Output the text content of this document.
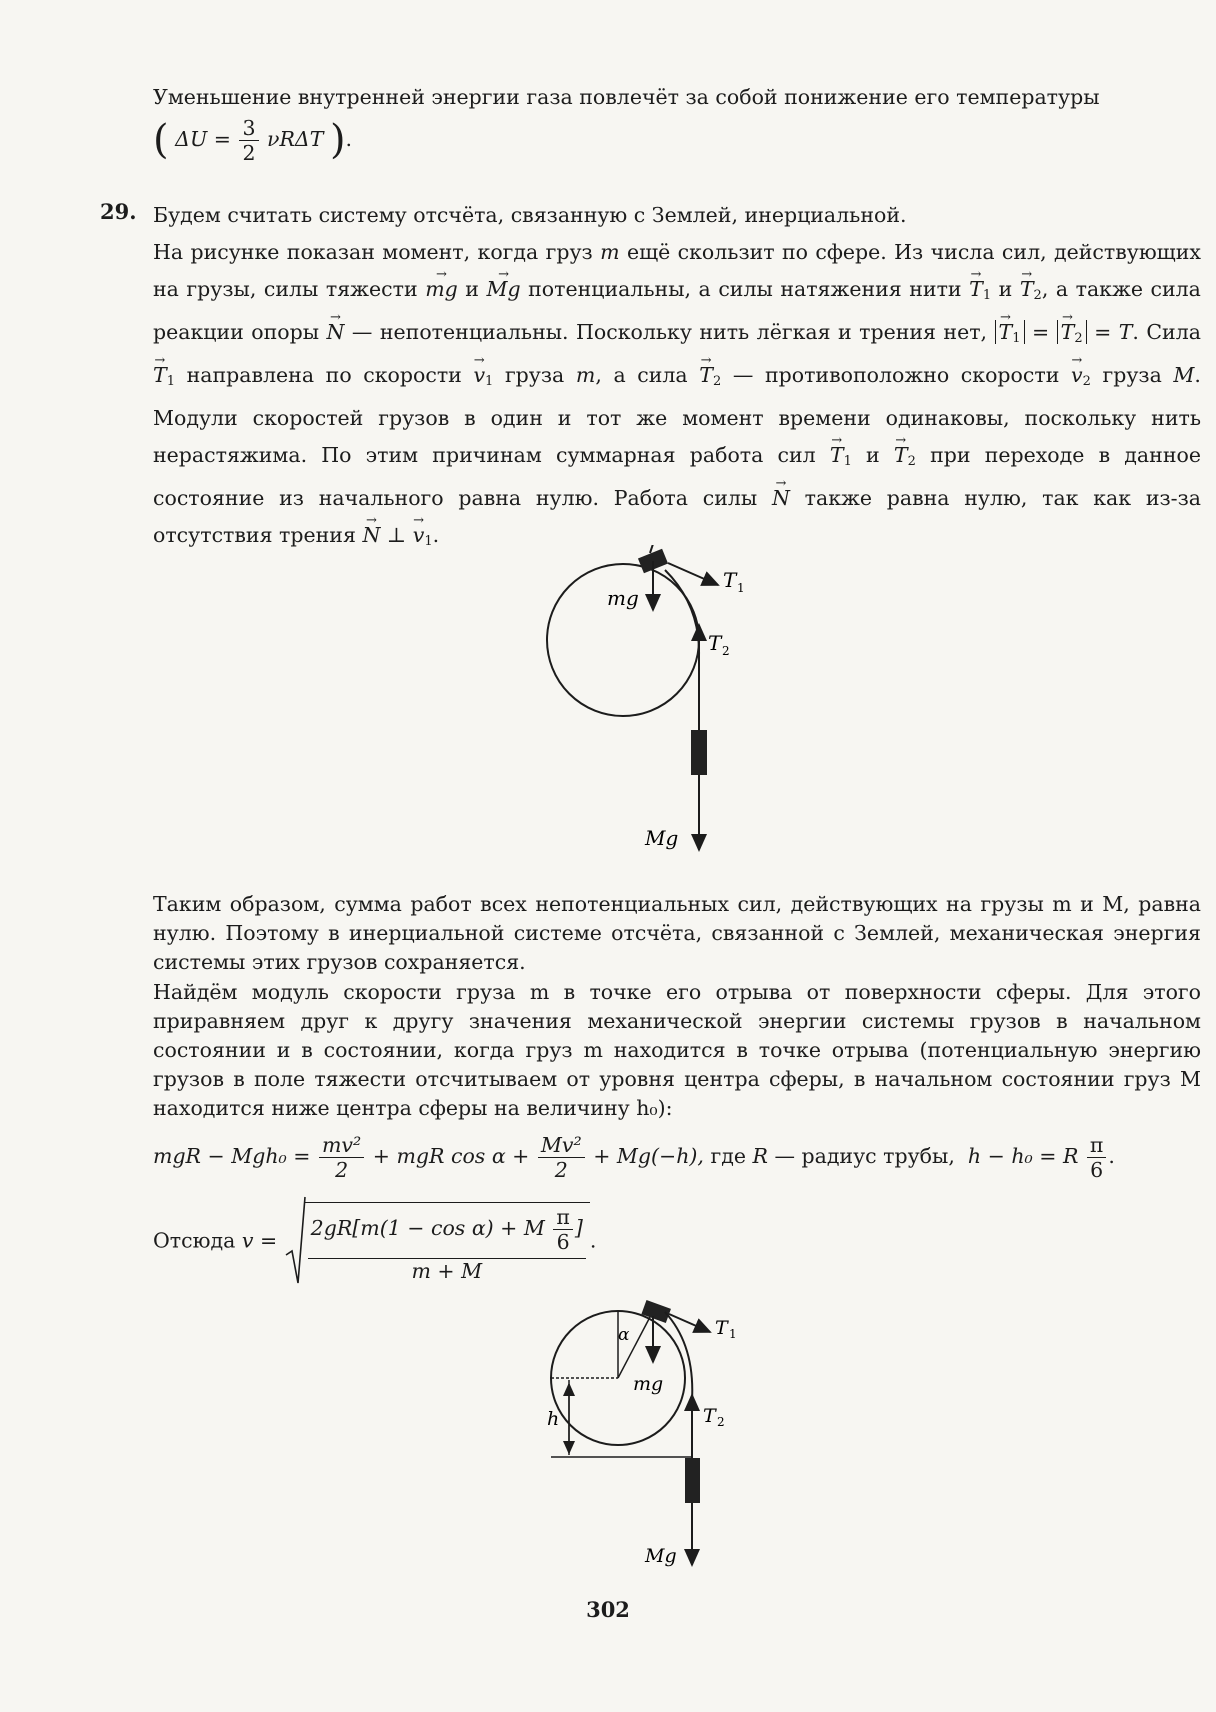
Уменьшение внутренней энергии газа повлечёт за собой понижение его температуры
( $\Delta U = \frac{3}{2}$ νRΔT ).

29. Будем считать систему отсчёта, связанную с Землей, инерциальной.
На рисунке показан момент, когда груз m ещё скользит по сфере. Из числа сил, действующих на грузы, силы тяжести → mg и → Mg потенциальны, а силы натяжения нити → $T_1$ $и \to T_2$, а также сила реакции опоры → N — непотенциальны. Поскольку нить лёгкая и трения нет, → $T_1$ = → $T_2 = T$. Сила → $T_1$ направлена по скорости → $v_1$ груза m, а сила → $T_2$ — противоположно скорости → $v_2$ груза M. Модули скоростей грузов в один и тот же момент времени одинаковы, поскольку нить нерастяжима. По этим причинам суммарная работа сил → $T_1$ $и \to T_2$ при переходе в данное состояние из начального равна нулю. Работа силы → N также равна нулю, так как из-за отсутствия трения → N ⊥ → $v_1$.
mg
T 1
T 2
Mg

Таким образом, сумма работ всех непотенциальных сил, действующих на грузы m и M, равна нулю. Поэтому в инерциальной системе отсчёта, связанной с Землей, механическая энергия системы этих грузов сохраняется.

Найдём модуль скорости груза m в точке его отрыва от поверхности сферы. Для этого приравняем друг к другу значения механической энергии системы грузов в начальном состоянии и в состоянии, когда груз m находится в точке отрыва (потенциальную энергию грузов в поле тяжести отсчитываем от уровня центра сферы, в начальном состоянии груз M находится ниже центра сферы на величину h₀):

mgR − $Mgh_0 = \frac{\text{mv²}}{2}$ + mgR $\cos \alpha + \frac{\text{Mv²}}{2} + Mg(-h)$, где R — радиус трубы, h − h₀ = R $\frac{\pi}{6}$ .
Отсюда $v = \frac{2gR[m(1 - \cos \alpha) + M \frac{\pi}{6} ]}{m + M}$ .
α
mg
T 1
T 2
h
Mg
302
